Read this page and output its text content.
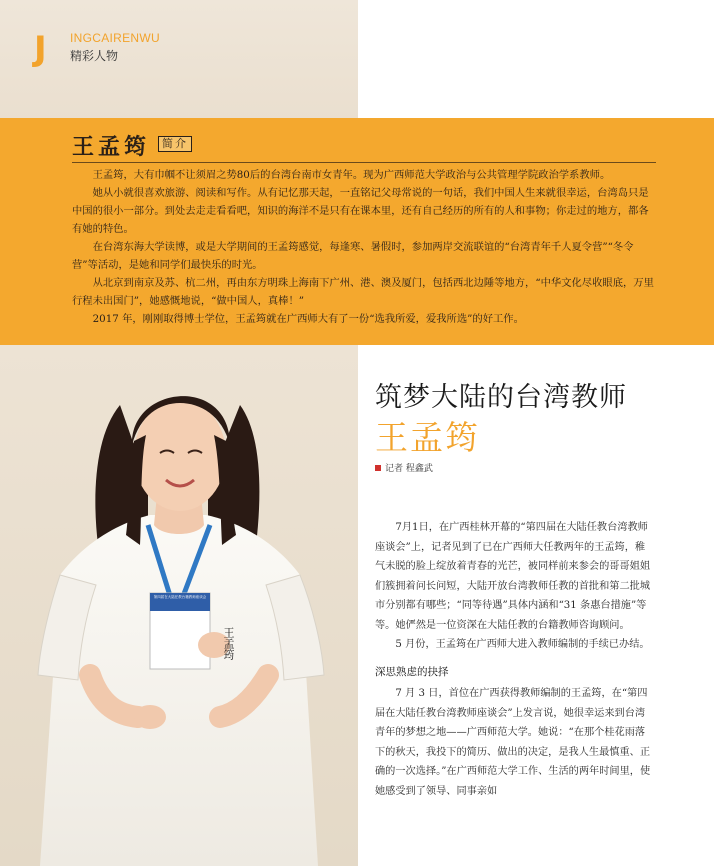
J INGCAIRENWU
精彩人物
王孟筠	简介

王孟筠，大有巾帼不让须眉之势80后的台湾台南市女青年。现为广西师范大学政治与公共管理学院政治学系教师。

她从小就很喜欢旅游、阅读和写作。从有记忆那天起，一直铭记父母常说的一句话，我们中国人生来就很幸运，台湾岛只是中国的很小一部分。到处去走走看看吧，知识的海洋不是只有在课本里，还有自己经历的所有的人和事物；你走过的地方，都各有她的特色。

在台湾东海大学读博，或是大学期间的王孟筠感觉，每逢寒、暑假时，参加两岸交流联谊的“台湾青年千人夏令营”“冬令营”等活动，是她和同学们最快乐的时光。

从北京到南京及苏、杭二州，再由东方明珠上海南下广州、港、澳及厦门，包括西北边陲等地方，“中华文化尽收眼底，万里行程未出国门”，她感慨地说，“做中国人，真棒！”

2017 年，刚刚取得博士学位，王孟筠就在广西师大有了一份“选我所爱，爱我所选”的好工作。

第四届在大陆任教台籍教师座谈会
王孟筠
筑梦大陆的台湾教师
王孟筠
记者 程鑫武

7月1日，在广西桂林开幕的“第四届在大陆任教台湾教师座谈会”上，记者见到了已在广西师大任教两年的王孟筠，稚气未脱的脸上绽放着青春的光芒，被同样前来参会的哥哥姐姐们簇拥着问长问短，大陆开放台湾教师任教的首批和第二批城市分别都有哪些；“同等待遇”具体内涵和“31 条惠台措施”等等。她俨然是一位资深在大陆任教的台籍教师咨询顾问。

5 月份，王孟筠在广西师大进入教师编制的手续已办结。

深思熟虑的抉择

7 月 3 日，首位在广西获得教师编制的王孟筠，在“第四届在大陆任教台湾教师座谈会”上发言说，她很幸运来到台湾青年的梦想之地——广西师范大学。她说：“在那个桂花雨落下的秋天，我投下的简历、做出的决定，是我人生最慎重、正确的一次选择。”在广西师范大学工作、生活的两年时间里，使她感受到了领导、同事亲如
